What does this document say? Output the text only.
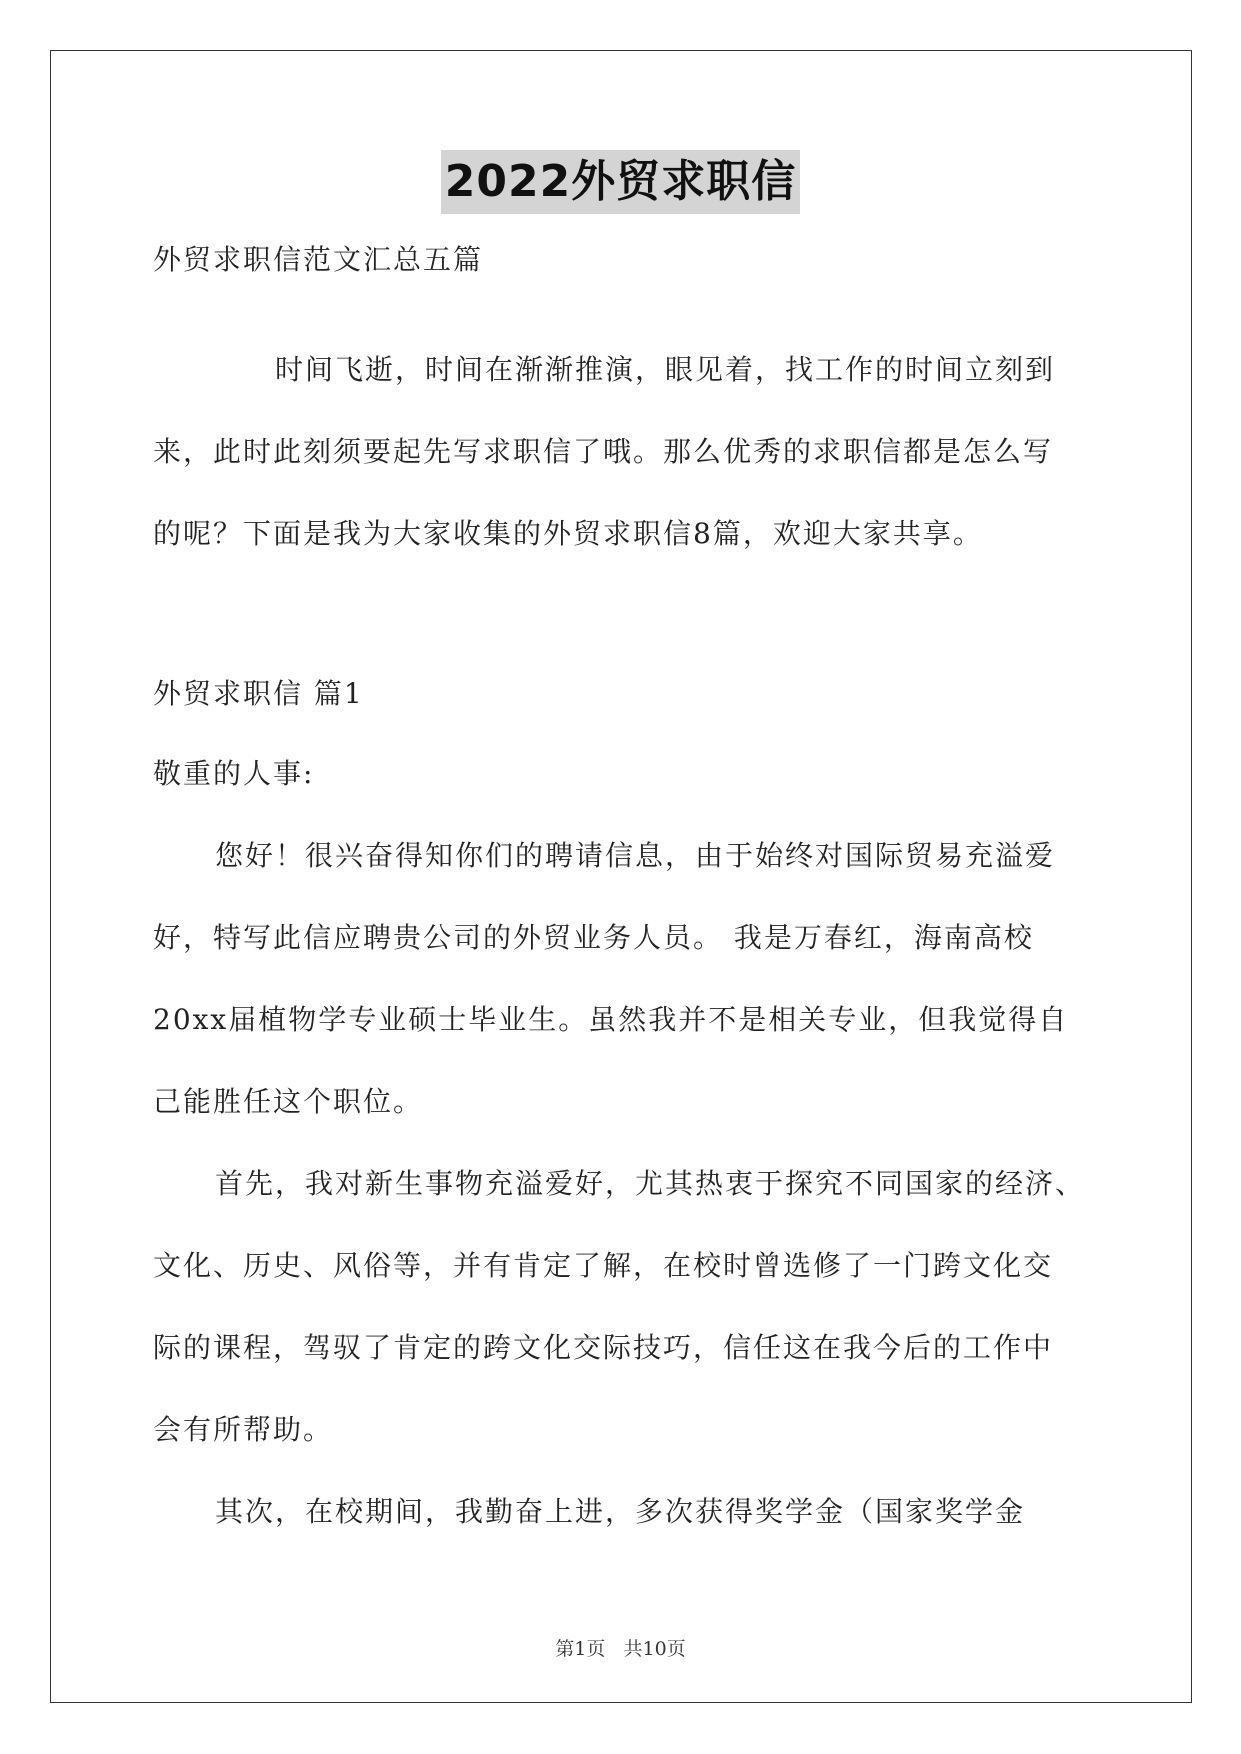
2022外贸求职信
外贸求职信范文汇总五篇
时间飞逝，时间在渐渐推演，眼见着，找工作的时间立刻到
来，此时此刻须要起先写求职信了哦。那么优秀的求职信都是怎么写
的呢？下面是我为大家收集的外贸求职信8篇，欢迎大家共享。
外贸求职信 篇1
敬重的人事:
您好！很兴奋得知你们的聘请信息，由于始终对国际贸易充溢爱
好，特写此信应聘贵公司的外贸业务人员。 我是万春红，海南高校
20xx届植物学专业硕士毕业生。虽然我并不是相关专业，但我觉得自
己能胜任这个职位。
首先，我对新生事物充溢爱好，尤其热衷于探究不同国家的经济、
文化、历史、风俗等，并有肯定了解，在校时曾选修了一门跨文化交
际的课程，驾驭了肯定的跨文化交际技巧，信任这在我今后的工作中
会有所帮助。
其次，在校期间，我勤奋上进，多次获得奖学金（国家奖学金
第1页 共10页
